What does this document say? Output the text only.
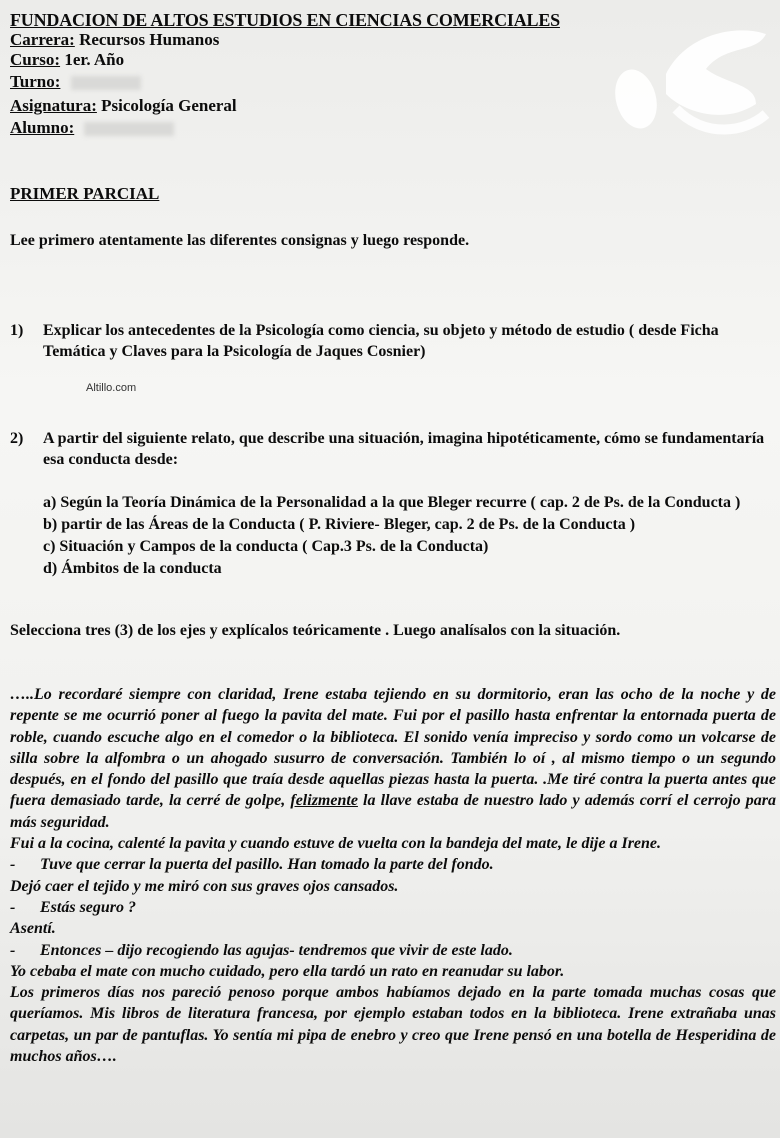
FUNDACION DE ALTOS ESTUDIOS EN CIENCIAS COMERCIALES
Carrera: Recursos Humanos
Curso: 1er. Año
Turno:
Asignatura: Psicología General
Alumno:
PRIMER PARCIAL
Lee primero atentamente las diferentes consignas y luego responde.
1) Explicar los antecedentes de la Psicología como ciencia, su objeto y método de estudio ( desde Ficha Temática y Claves para la Psicología de Jaques Cosnier)
Altillo.com
2) A partir del siguiente relato, que describe una situación, imagina hipotéticamente, cómo se fundamentaría esa conducta desde:
a) Según la Teoría Dinámica de la Personalidad a la que Bleger recurre ( cap. 2 de Ps. de la Conducta )
b) partir de las Áreas de la Conducta ( P. Riviere- Bleger, cap. 2 de Ps. de la Conducta )
c) Situación y Campos de la conducta ( Cap.3 Ps. de la Conducta)
d) Ámbitos de la conducta
Selecciona tres (3) de los ejes y explícalos teóricamente . Luego analísalos con la situación.

…..Lo recordaré siempre con claridad, Irene estaba tejiendo en su dormitorio, eran las ocho de la noche y de repente se me ocurrió poner al fuego la pavita del mate. Fui por el pasillo hasta enfrentar la entornada puerta de roble, cuando escuche algo en el comedor o la biblioteca. El sonido venía impreciso y sordo como un volcarse de silla sobre la alfombra o un ahogado susurro de conversación. También lo oí , al mismo tiempo o un segundo después, en el fondo del pasillo que traía desde aquellas piezas hasta la puerta. .Me tiré contra la puerta antes que fuera demasiado tarde, la cerré de golpe, felizmente la llave estaba de nuestro lado y además corrí el cerrojo para más seguridad.

Fui a la cocina, calenté la pavita y cuando estuve de vuelta con la bandeja del mate, le dije a Irene.

- Tuve que cerrar la puerta del pasillo. Han tomado la parte del fondo.

Dejó caer el tejido y me miró con sus graves ojos cansados.

- Estás seguro ?

Asentí.

- Entonces – dijo recogiendo las agujas- tendremos que vivir de este lado.

Yo cebaba el mate con mucho cuidado, pero ella tardó un rato en reanudar su labor.

Los primeros días nos pareció penoso porque ambos habíamos dejado en la parte tomada muchas cosas que queríamos. Mis libros de literatura francesa, por ejemplo estaban todos en la biblioteca. Irene extrañaba unas carpetas, un par de pantuflas. Yo sentía mi pipa de enebro y creo que Irene pensó en una botella de Hesperidina de muchos años….
